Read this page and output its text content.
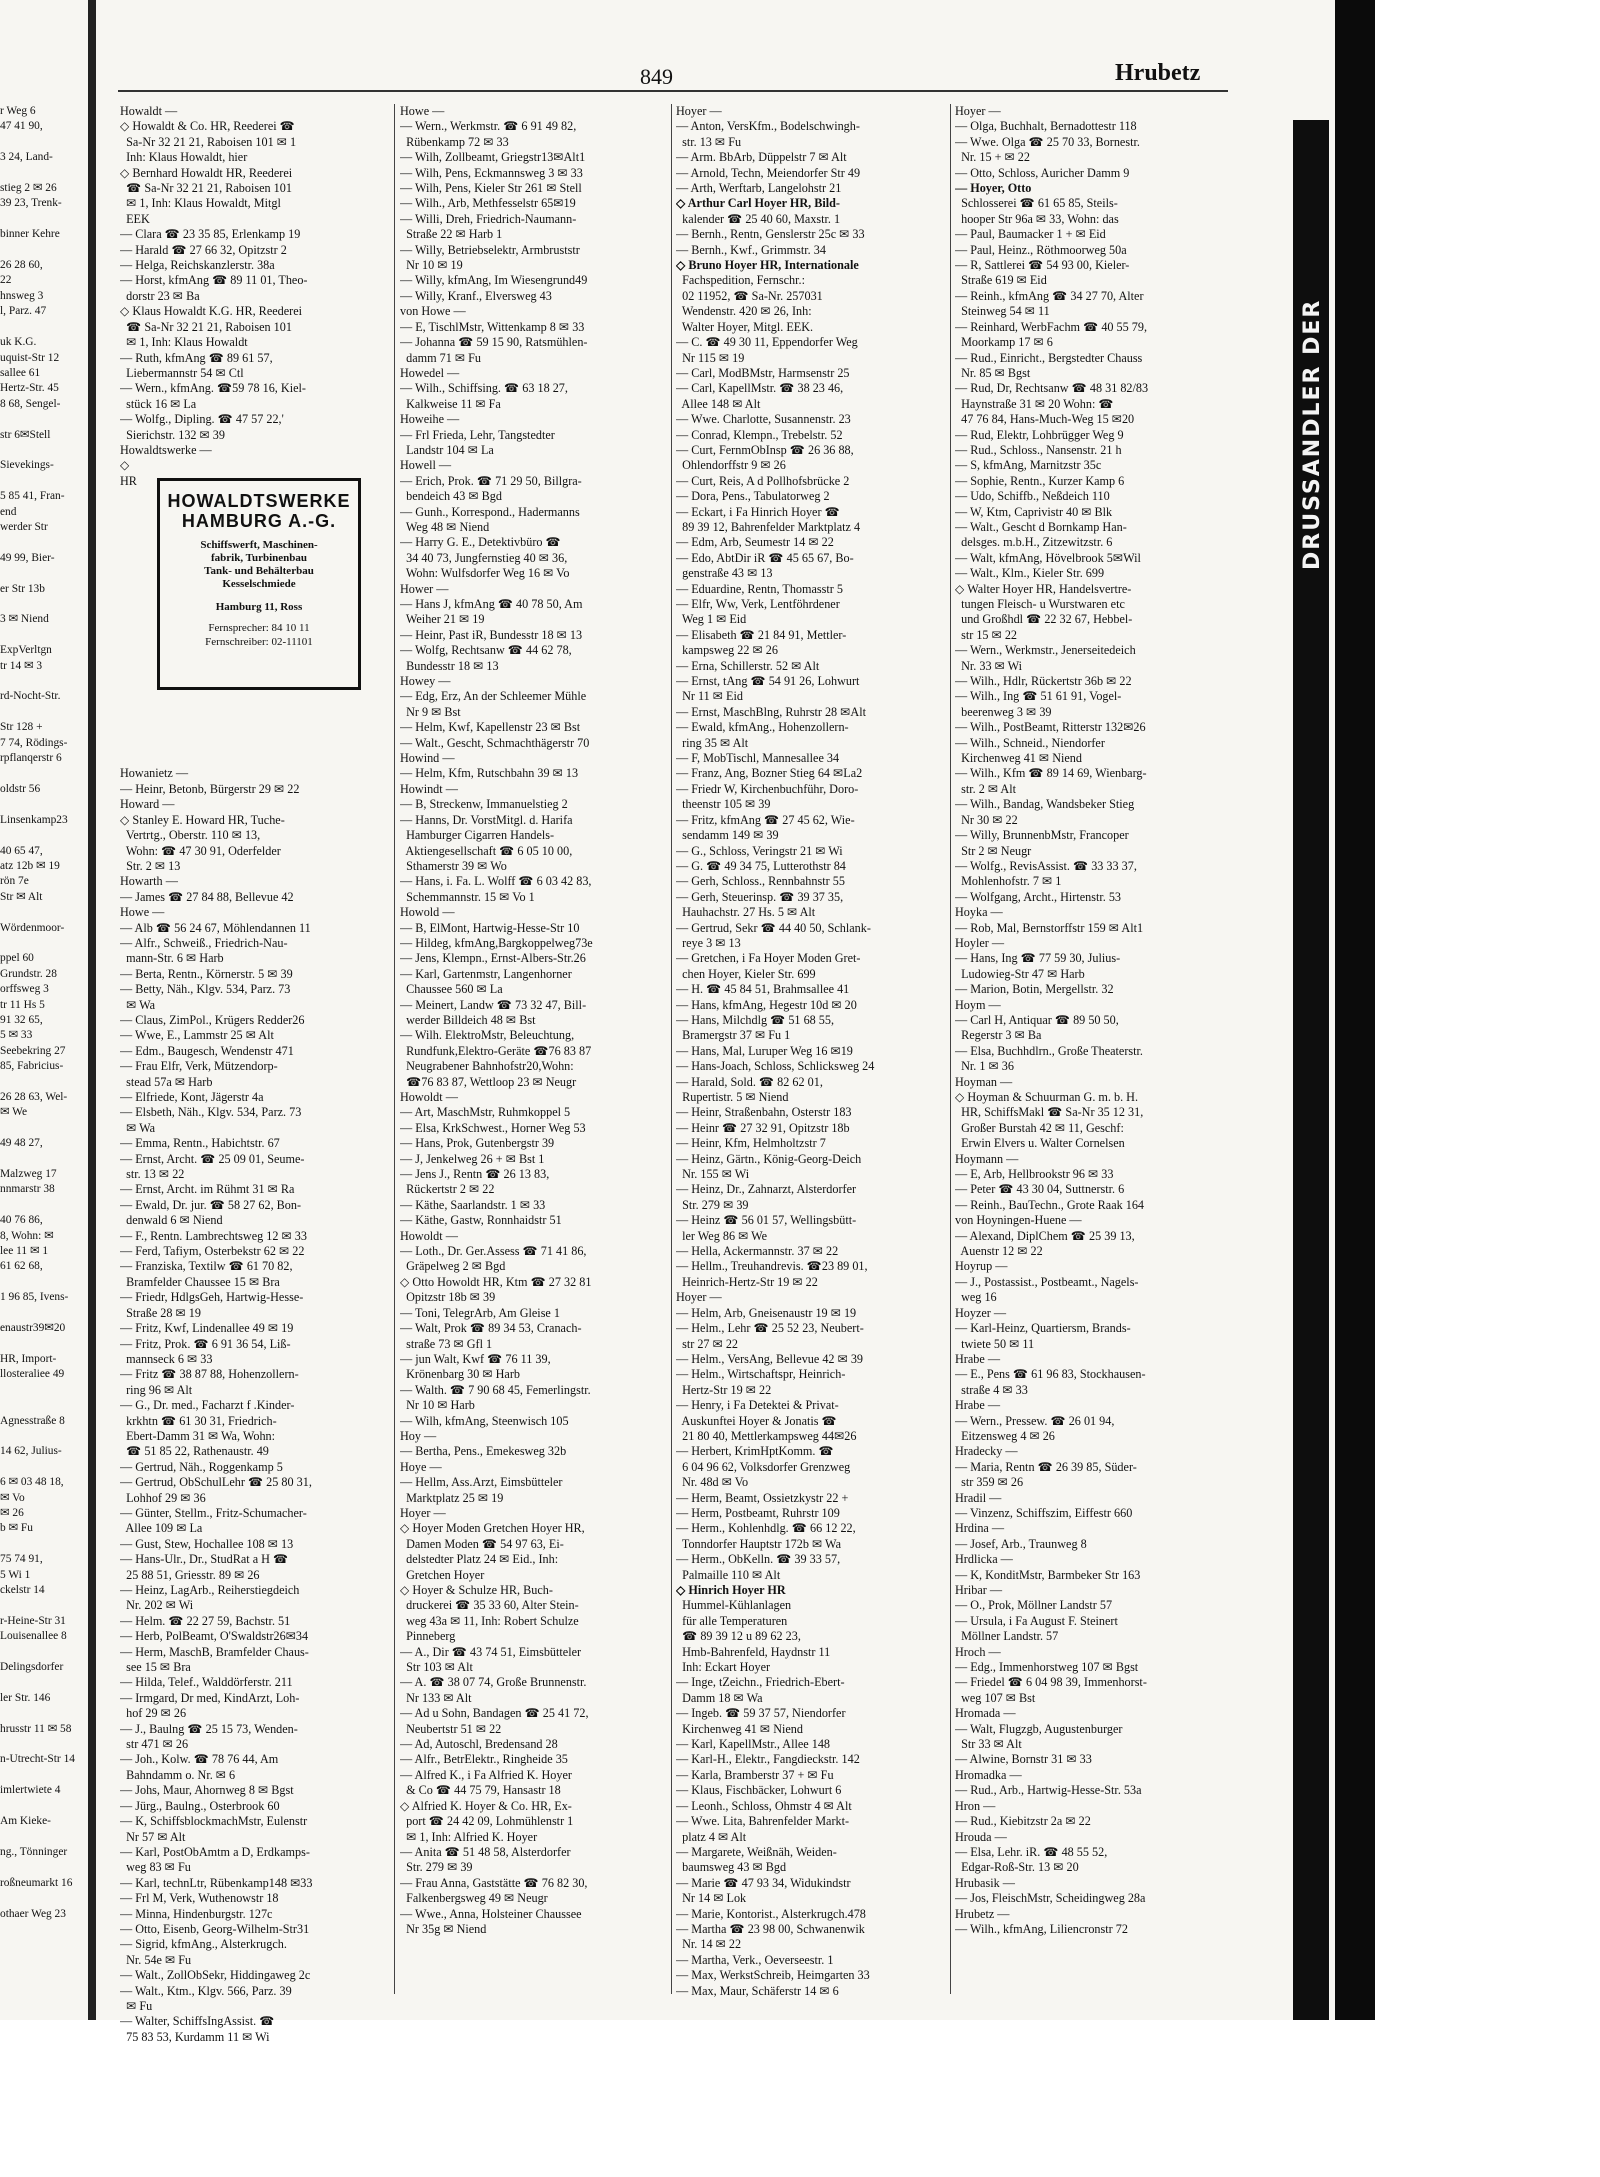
DRUSSANDLER DER
849	Hrubetz
r Weg 6
47 41 90,

3 24, Land-

stieg 2 ✉ 26
39 23, Trenk-

binner Kehre

26 28 60,
22
hnsweg 3
l, Parz. 47

uk K.G.
uquist-Str 12
sallee 61
Hertz-Str. 45
8 68, Sengel-

str 6✉Stell

Sievekings-

5 85 41, Fran-
end
werder Str

49 99, Bier-

er Str 13b

3 ✉ Niend

ExpVerltgn
tr 14 ✉ 3

rd-Nocht-Str.

Str 128 +
7 74, Rödings-
rpflanqerstr 6

oldstr 56

Linsenkamp23

40 65 47,
atz 12b ✉ 19
rön 7e
Str ✉ Alt

Wördenmoor-

ppel 60
Grundstr. 28
orffsweg 3
tr 11 Hs 5
91 32 65,
5 ✉ 33
Seebekring 27
85, Fabricius-

26 28 63, Wel-
✉ We

49 48 27,

Malzweg 17
nnmarstr 38

40 76 86,
8, Wohn: ✉
lee 11 ✉ 1
61 62 68,

1 96 85, Ivens-

enaustr39✉20

HR, Import-
llosteraliee 49

Agnesstraße 8

14 62, Julius-

6 ✉ 03 48 18,
✉ Vo
✉ 26
b ✉ Fu

75 74 91,
5 Wi 1
ckelstr 14

r-Heine-Str 31
Louisenallee 8

Delingsdorfer

ler Str. 146

hrusstr 11 ✉ 58

n-Utrecht-Str 14

imlertwiete 4

Am Kieke-

ng., Tönninger

roßneumarkt 16

othaer Weg 23
Howaldt —
◇ Howaldt & Co. HR, Reederei ☎
Sa-Nr 32 21 21, Raboisen 101 ✉ 1
Inh: Klaus Howaldt, hier
◇ Bernhard Howaldt HR, Reederei
☎ Sa-Nr 32 21 21, Raboisen 101
✉ 1, Inh: Klaus Howaldt, Mitgl
EEK
— Clara ☎ 23 35 85, Erlenkamp 19
— Harald ☎ 27 66 32, Opitzstr 2
— Helga, Reichskanzlerstr. 38a
— Horst, kfmAng ☎ 89 11 01, Theo-
dorstr 23 ✉ Ba
◇ Klaus Howaldt K.G. HR, Reederei
☎ Sa-Nr 32 21 21, Raboisen 101
✉ 1, Inh: Klaus Howaldt
— Ruth, kfmAng ☎ 89 61 57,
Liebermannstr 54 ✉ Ctl
— Wern., kfmAng. ☎59 78 16, Kiel-
stück 16 ✉ La
— Wolfg., Dipling. ☎ 47 57 22,'
Sierichstr. 132 ✉ 39
Howaldtswerke —
◇
HR

Howanietz —
— Heinr, Betonb, Bürgerstr 29 ✉ 22
Howard —
◇ Stanley E. Howard HR, Tuche-
Vertrtg., Oberstr. 110 ✉ 13,
Wohn: ☎ 47 30 91, Oderfelder
Str. 2 ✉ 13
Howarth —
— James ☎ 27 84 88, Bellevue 42
Howe —
— Alb ☎ 56 24 67, Möhlendannen 11
— Alfr., Schweiß., Friedrich-Nau-
mann-Str. 6 ✉ Harb
— Berta, Rentn., Körnerstr. 5 ✉ 39
— Betty, Näh., Klgv. 534, Parz. 73
✉ Wa
— Claus, ZimPol., Krügers Redder26
— Wwe, E., Lammstr 25 ✉ Alt
— Edm., Baugesch, Wendenstr 471
— Frau Elfr, Verk, Mützendorp-
stead 57a ✉ Harb
— Elfriede, Kont, Jägerstr 4a
— Elsbeth, Näh., Klgv. 534, Parz. 73
✉ Wa
— Emma, Rentn., Habichtstr. 67
— Ernst, Archt. ☎ 25 09 01, Seume-
str. 13 ✉ 22
— Ernst, Archt. im Rühmt 31 ✉ Ra
— Ewald, Dr. jur. ☎ 58 27 62, Bon-
denwald 6 ✉ Niend
— F., Rentn. Lambrechtsweg 12 ✉ 33
— Ferd, Tafiym, Osterbekstr 62 ✉ 22
— Franziska, Textilw ☎ 61 70 82,
Bramfelder Chaussee 15 ✉ Bra
— Friedr, HdlgsGeh, Hartwig-Hesse-
Straße 28 ✉ 19
— Fritz, Kwf, Lindenallee 49 ✉ 19
— Fritz, Prok. ☎ 6 91 36 54, Liß-
mannseck 6 ✉ 33
— Fritz ☎ 38 87 88, Hohenzollern-
ring 96 ✉ Alt
— G., Dr. med., Facharzt f .Kinder-
krkhtn ☎ 61 30 31, Friedrich-
Ebert-Damm 31 ✉ Wa, Wohn:
☎ 51 85 22, Rathenaustr. 49
— Gertrud, Näh., Roggenkamp 5
— Gertrud, ObSchulLehr ☎ 25 80 31,
Lohhof 29 ✉ 36
— Günter, Stellm., Fritz-Schumacher-
Allee 109 ✉ La
— Gust, Stew, Hochallee 108 ✉ 13
— Hans-Ulr., Dr., StudRat a H ☎
25 88 51, Griesstr. 89 ✉ 26
— Heinz, LagArb., Reiherstiegdeich
Nr. 202 ✉ Wi
— Helm. ☎ 22 27 59, Bachstr. 51
— Herb, PolBeamt, O'Swaldstr26✉34
— Herm, MaschB, Bramfelder Chaus-
see 15 ✉ Bra
— Hilda, Telef., Walddörferstr. 211
— Irmgard, Dr med, KindArzt, Loh-
hof 29 ✉ 26
— J., Baulng ☎ 25 15 73, Wenden-
str 471 ✉ 26
— Joh., Kolw. ☎ 78 76 44, Am
Bahndamm o. Nr. ✉ 6
— Johs, Maur, Ahornweg 8 ✉ Bgst
— Jürg., Baulng., Osterbrook 60
— K, SchiffsblockmachMstr, Eulenstr
Nr 57 ✉ Alt
— Karl, PostObAmtm a D, Erdkamps-
weg 83 ✉ Fu
— Karl, technLtr, Rübenkamp148 ✉33
— Frl M, Verk, Wuthenowstr 18
— Minna, Hindenburgstr. 127c
— Otto, Eisenb, Georg-Wilhelm-Str31
— Sigrid, kfmAng., Alsterkrugch.
Nr. 54e ✉ Fu
— Walt., ZollObSekr, Hiddingaweg 2c
— Walt., Ktm., Klgv. 566, Parz. 39
✉ Fu
— Walter, SchiffsIngAssist. ☎
75 83 53, Kurdamm 11 ✉ Wi
Howe —
— Wern., Werkmstr. ☎ 6 91 49 82,
Rübenkamp 72 ✉ 33
— Wilh, Zollbeamt, Griegstr13✉Alt1
— Wilh, Pens, Eckmannsweg 3 ✉ 33
— Wilh, Pens, Kieler Str 261 ✉ Stell
— Wilh., Arb, Methfesselstr 65✉19
— Willi, Dreh, Friedrich-Naumann-
Straße 22 ✉ Harb 1
— Willy, Betriebselektr, Armbruststr
Nr 10 ✉ 19
— Willy, kfmAng, Im Wiesengrund49
— Willy, Kranf., Elversweg 43
von Howe —
— E, TischlMstr, Wittenkamp 8 ✉ 33
— Johanna ☎ 59 15 90, Ratsmühlen-
damm 71 ✉ Fu
Howedel —
— Wilh., Schiffsing. ☎ 63 18 27,
Kalkweise 11 ✉ Fa
Howeihe —
— Frl Frieda, Lehr, Tangstedter
Landstr 104 ✉ La
Howell —
— Erich, Prok. ☎ 71 29 50, Billgra-
bendeich 43 ✉ Bgd
— Gunh., Korrespond., Hadermanns
Weg 48 ✉ Niend
— Harry G. E., Detektivbüro ☎
34 40 73, Jungfernstieg 40 ✉ 36,
Wohn: Wulfsdorfer Weg 16 ✉ Vo
Hower —
— Hans J, kfmAng ☎ 40 78 50, Am
Weiher 21 ✉ 19
— Heinr, Past iR, Bundesstr 18 ✉ 13
— Wolfg, Rechtsanw ☎ 44 62 78,
Bundesstr 18 ✉ 13
Howey —
— Edg, Erz, An der Schleemer Mühle
Nr 9 ✉ Bst
— Helm, Kwf, Kapellenstr 23 ✉ Bst
— Walt., Gescht, Schmachthägerstr 70
Howind —
— Helm, Kfm, Rutschbahn 39 ✉ 13
Howindt —
— B, Streckenw, Immanuelstieg 2
— Hanns, Dr. VorstMitgl. d. Harifa
Hamburger Cigarren Handels-
Aktiengesellschaft ☎ 6 05 10 00,
Sthamerstr 39 ✉ Wo
— Hans, i. Fa. L. Wolff ☎ 6 03 42 83,
Schemmannstr. 15 ✉ Vo 1
Howold —
— B, ElMont, Hartwig-Hesse-Str 10
— Hildeg, kfmAng,Bargkoppelweg73e
— Jens, Klempn., Ernst-Albers-Str.26
— Karl, Gartenmstr, Langenhorner
Chaussee 560 ✉ La
— Meinert, Landw ☎ 73 32 47, Bill-
werder Billdeich 48 ✉ Bst
— Wilh. ElektroMstr, Beleuchtung,
Rundfunk,Elektro-Geräte ☎76 83 87
Neugrabener Bahnhofstr20,Wohn:
☎76 83 87, Wettloop 23 ✉ Neugr
Howoldt —
— Art, MaschMstr, Ruhmkoppel 5
— Elsa, KrkSchwest., Horner Weg 53
— Hans, Prok, Gutenbergstr 39
— J, Jenkelweg 26 + ✉ Bst 1
— Jens J., Rentn ☎ 26 13 83,
Rückertstr 2 ✉ 22
— Käthe, Saarlandstr. 1 ✉ 33
— Käthe, Gastw, Ronnhaidstr 51
Howoldt —
— Loth., Dr. Ger.Assess ☎ 71 41 86,
Gräpelweg 2 ✉ Bgd
◇ Otto Howoldt HR, Ktm ☎ 27 32 81
Opitzstr 18b ✉ 39
— Toni, TelegrArb, Am Gleise 1
— Walt, Prok ☎ 89 34 53, Cranach-
straße 73 ✉ Gfl 1
— jun Walt, Kwf ☎ 76 11 39,
Krönenbarg 30 ✉ Harb
— Walth. ☎ 7 90 68 45, Femerlingstr.
Nr 10 ✉ Harb
— Wilh, kfmAng, Steenwisch 105
Hoy —
— Bertha, Pens., Emekesweg 32b
Hoye —
— Hellm, Ass.Arzt, Eimsbütteler
Marktplatz 25 ✉ 19
Hoyer —
◇ Hoyer Moden Gretchen Hoyer HR,
Damen Moden ☎ 54 97 63, Ei-
delstedter Platz 24 ✉ Eid., Inh:
Gretchen Hoyer
◇ Hoyer & Schulze HR, Buch-
druckerei ☎ 35 33 60, Alter Stein-
weg 43a ✉ 11, Inh: Robert Schulze
Pinneberg
— A., Dir ☎ 43 74 51, Eimsbütteler
Str 103 ✉ Alt
— A. ☎ 38 07 74, Große Brunnenstr.
Nr 133 ✉ Alt
— Ad u Sohn, Bandagen ☎ 25 41 72,
Neubertstr 51 ✉ 22
— Ad, Autoschl, Bredensand 28
— Alfr., BetrElektr., Ringheide 35
— Alfred K., i Fa Alfried K. Hoyer
& Co ☎ 44 75 79, Hansastr 18
◇ Alfried K. Hoyer & Co. HR, Ex-
port ☎ 24 42 09, Lohmühlenstr 1
✉ 1, Inh: Alfried K. Hoyer
— Anita ☎ 51 48 58, Alsterdorfer
Str. 279 ✉ 39
— Frau Anna, Gaststätte ☎ 76 82 30,
Falkenbergsweg 49 ✉ Neugr
— Wwe., Anna, Holsteiner Chaussee
Nr 35g ✉ Niend
Hoyer —
— Anton, VersKfm., Bodelschwingh-
str. 13 ✉ Fu
— Arm. BbArb, Düppelstr 7 ✉ Alt
— Arnold, Techn, Meiendorfer Str 49
— Arth, Werftarb, Langelohstr 21
◇ Arthur Carl Hoyer HR, Bild-
kalender ☎ 25 40 60, Maxstr. 1
— Bernh., Rentn, Genslerstr 25c ✉ 33
— Bernh., Kwf., Grimmstr. 34
◇ Bruno Hoyer HR, Internationale
Fachspedition, Fernschr.:
02 11952, ☎ Sa-Nr. 257031
Wendenstr. 420 ✉ 26, Inh:
Walter Hoyer, Mitgl. EEK.
— C. ☎ 49 30 11, Eppendorfer Weg
Nr 115 ✉ 19
— Carl, ModBMstr, Harmsenstr 25
— Carl, KapellMstr. ☎ 38 23 46,
Allee 148 ✉ Alt
— Wwe. Charlotte, Susannenstr. 23
— Conrad, Klempn., Trebelstr. 52
— Curt, FernmObInsp ☎ 26 36 88,
Ohlendorffstr 9 ✉ 26
— Curt, Reis, A d Pollhofsbrücke 2
— Dora, Pens., Tabulatorweg 2
— Eckart, i Fa Hinrich Hoyer ☎
89 39 12, Bahrenfelder Marktplatz 4
— Edm, Arb, Seumestr 14 ✉ 22
— Edo, AbtDir iR ☎ 45 65 67, Bo-
genstraße 43 ✉ 13
— Eduardine, Rentn, Thomasstr 5
— Elfr, Ww, Verk, Lentföhrdener
Weg 1 ✉ Eid
— Elisabeth ☎ 21 84 91, Mettler-
kampsweg 22 ✉ 26
— Erna, Schillerstr. 52 ✉ Alt
— Ernst, tAng ☎ 54 91 26, Lohwurt
Nr 11 ✉ Eid
— Ernst, MaschBlng, Ruhrstr 28 ✉Alt
— Ewald, kfmAng., Hohenzollern-
ring 35 ✉ Alt
— F, MobTischl, Mannesallee 34
— Franz, Ang, Bozner Stieg 64 ✉La2
— Friedr W, Kirchenbuchführ, Doro-
theenstr 105 ✉ 39
— Fritz, kfmAng ☎ 27 45 62, Wie-
sendamm 149 ✉ 39
— G., Schloss, Veringstr 21 ✉ Wi
— G. ☎ 49 34 75, Lutterothstr 84
— Gerh, Schloss., Rennbahnstr 55
— Gerh, Steuerinsp. ☎ 39 37 35,
Hauhachstr. 27 Hs. 5 ✉ Alt
— Gertrud, Sekr ☎ 44 40 50, Schlank-
reye 3 ✉ 13
— Gretchen, i Fa Hoyer Moden Gret-
chen Hoyer, Kieler Str. 699
— H. ☎ 45 84 51, Brahmsallee 41
— Hans, kfmAng, Hegestr 10d ✉ 20
— Hans, Milchdlg ☎ 51 68 55,
Bramergstr 37 ✉ Fu 1
— Hans, Mal, Luruper Weg 16 ✉19
— Hans-Joach, Schloss, Schlicksweg 24
— Harald, Sold. ☎ 82 62 01,
Rupertistr. 5 ✉ Niend
— Heinr, Straßenbahn, Osterstr 183
— Heinr ☎ 27 32 91, Opitzstr 18b
— Heinr, Kfm, Helmholtzstr 7
— Heinz, Gärtn., König-Georg-Deich
Nr. 155 ✉ Wi
— Heinz, Dr., Zahnarzt, Alsterdorfer
Str. 279 ✉ 39
— Heinz ☎ 56 01 57, Wellingsbütt-
ler Weg 86 ✉ We
— Hella, Ackermannstr. 37 ✉ 22
— Hellm., Treuhandrevis. ☎23 89 01,
Heinrich-Hertz-Str 19 ✉ 22
Hoyer —
— Helm, Arb, Gneisenaustr 19 ✉ 19
— Helm., Lehr ☎ 25 52 23, Neubert-
str 27 ✉ 22
— Helm., VersAng, Bellevue 42 ✉ 39
— Helm., Wirtschaftspr, Heinrich-
Hertz-Str 19 ✉ 22
— Henry, i Fa Detektei & Privat-
Auskunftei Hoyer & Jonatis ☎
21 80 40, Mettlerkampsweg 44✉26
— Herbert, KrimHptKomm. ☎
6 04 96 62, Volksdorfer Grenzweg
Nr. 48d ✉ Vo
— Herm, Beamt, Ossietzkystr 22 +
— Herm, Postbeamt, Ruhrstr 109
— Herm., Kohlenhdlg. ☎ 66 12 22,
Tonndorfer Hauptstr 172b ✉ Wa
— Herm., ObKelln. ☎ 39 33 57,
Palmaille 110 ✉ Alt
◇ Hinrich Hoyer HR
Hummel-Kühlanlagen
für alle Temperaturen
☎ 89 39 12 u 89 62 23,
Hmb-Bahrenfeld, Haydnstr 11
Inh: Eckart Hoyer
— Inge, tZeichn., Friedrich-Ebert-
Damm 18 ✉ Wa
— Ingeb. ☎ 59 37 57, Niendorfer
Kirchenweg 41 ✉ Niend
— Karl, KapellMstr., Allee 148
— Karl-H., Elektr., Fangdieckstr. 142
— Karla, Bramberstr 37 + ✉ Fu
— Klaus, Fischbäcker, Lohwurt 6
— Leonh., Schloss, Ohmstr 4 ✉ Alt
— Wwe. Lita, Bahrenfelder Markt-
platz 4 ✉ Alt
— Margarete, Weißnäh, Weiden-
baumsweg 43 ✉ Bgd
— Marie ☎ 47 93 34, Widukindstr
Nr 14 ✉ Lok
— Marie, Kontorist., Alsterkrugch.478
— Martha ☎ 23 98 00, Schwanenwik
Nr. 14 ✉ 22
— Martha, Verk., Oeverseestr. 1
— Max, WerkstSchreib, Heimgarten 33
— Max, Maur, Schäferstr 14 ✉ 6
Hoyer —
— Olga, Buchhalt, Bernadottestr 118
— Wwe. Olga ☎ 25 70 33, Bornestr.
Nr. 15 + ✉ 22
— Otto, Schloss, Auricher Damm 9
— Hoyer, Otto
Schlosserei ☎ 61 65 85, Steils-
hooper Str 96a ✉ 33, Wohn: das
— Paul, Baumacker 1 + ✉ Eid
— Paul, Heinz., Röthmoorweg 50a
— R, Sattlerei ☎ 54 93 00, Kieler-
Straße 619 ✉ Eid
— Reinh., kfmAng ☎ 34 27 70, Alter
Steinweg 54 ✉ 11
— Reinhard, WerbFachm ☎ 40 55 79,
Moorkamp 17 ✉ 6
— Rud., Einricht., Bergstedter Chauss
Nr. 85 ✉ Bgst
— Rud, Dr, Rechtsanw ☎ 48 31 82/83
Haynstraße 31 ✉ 20 Wohn: ☎
47 76 84, Hans-Much-Weg 15 ✉20
— Rud, Elektr, Lohbrügger Weg 9
— Rud., Schloss., Nansenstr. 21 h
— S, kfmAng, Marnitzstr 35c
— Sophie, Rentn., Kurzer Kamp 6
— Udo, Schiffb., Neßdeich 110
— W, Ktm, Caprivistr 40 ✉ Blk
— Walt., Gescht d Bornkamp Han-
delsges. m.b.H., Zitzewitzstr. 6
— Walt, kfmAng, Hövelbrook 5✉Wil
— Walt., Klm., Kieler Str. 699
◇ Walter Hoyer HR, Handelsvertre-
tungen Fleisch- u Wurstwaren etc
und Großhdl ☎ 22 32 67, Hebbel-
str 15 ✉ 22
— Wern., Werkmstr., Jenerseitedeich
Nr. 33 ✉ Wi
— Wilh., Hdlr, Rückertstr 36b ✉ 22
— Wilh., Ing ☎ 51 61 91, Vogel-
beerenweg 3 ✉ 39
— Wilh., PostBeamt, Ritterstr 132✉26
— Wilh., Schneid., Niendorfer
Kirchenweg 41 ✉ Niend
— Wilh., Kfm ☎ 89 14 69, Wienbarg-
str. 2 ✉ Alt
— Wilh., Bandag, Wandsbeker Stieg
Nr 30 ✉ 22
— Willy, BrunnenbMstr, Francoper
Str 2 ✉ Neugr
— Wolfg., RevisAssist. ☎ 33 33 37,
Mohlenhofstr. 7 ✉ 1
— Wolfgang, Archt., Hirtenstr. 53
Hoyka —
— Rob, Mal, Bernstorffstr 159 ✉ Alt1
Hoyler —
— Hans, Ing ☎ 77 59 30, Julius-
Ludowieg-Str 47 ✉ Harb
— Marion, Botin, Mergellstr. 32
Hoym —
— Carl H, Antiquar ☎ 89 50 50,
Regerstr 3 ✉ Ba
— Elsa, Buchhdlrn., Große Theaterstr.
Nr. 1 ✉ 36
Hoyman —
◇ Hoyman & Schuurman G. m. b. H.
HR, SchiffsMakl ☎ Sa-Nr 35 12 31,
Großer Burstah 42 ✉ 11, Geschf:
Erwin Elvers u. Walter Cornelsen
Hoymann —
— E, Arb, Hellbrookstr 96 ✉ 33
— Peter ☎ 43 30 04, Suttnerstr. 6
— Reinh., BauTechn., Grote Raak 164
von Hoyningen-Huene —
— Alexand, DiplChem ☎ 25 39 13,
Auenstr 12 ✉ 22
Hoyrup —
— J., Postassist., Postbeamt., Nagels-
weg 16
Hoyzer —
— Karl-Heinz, Quartiersm, Brands-
twiete 50 ✉ 11
Hrabe —
— E., Pens ☎ 61 96 83, Stockhausen-
straße 4 ✉ 33
Hrabe —
— Wern., Pressew. ☎ 26 01 94,
Eitzensweg 4 ✉ 26
Hradecky —
— Maria, Rentn ☎ 26 39 85, Süder-
str 359 ✉ 26
Hradil —
— Vinzenz, Schiffszim, Eiffestr 660
Hrdina —
— Josef, Arb., Traunweg 8
Hrdlicka —
— K, KonditMstr, Barmbeker Str 163
Hribar —
— O., Prok, Möllner Landstr 57
— Ursula, i Fa August F. Steinert
Möllner Landstr. 57
Hroch —
— Edg., Immenhorstweg 107 ✉ Bgst
— Friedel ☎ 6 04 98 39, Immenhorst-
weg 107 ✉ Bst
Hromada —
— Walt, Flugzgb, Augustenburger
Str 33 ✉ Alt
— Alwine, Bornstr 31 ✉ 33
Hromadka —
— Rud., Arb., Hartwig-Hesse-Str. 53a
Hron —
— Rud., Kiebitzstr 2a ✉ 22
Hrouda —
— Elsa, Lehr. iR. ☎ 48 55 52,
Edgar-Roß-Str. 13 ✉ 20
Hrubasik —
— Jos, FleischMstr, Scheidingweg 28a
Hrubetz —
— Wilh., kfmAng, Liliencronstr 72
HOWALDTSWERKE
HAMBURG A.-G.
Schiffswerft, Maschinen-
fabrik, Turbinenbau
Tank- und Behälterbau
Kesselschmiede
Hamburg 11, Ross
Fernsprecher: 84 10 11
Fernschreiber: 02-11101
